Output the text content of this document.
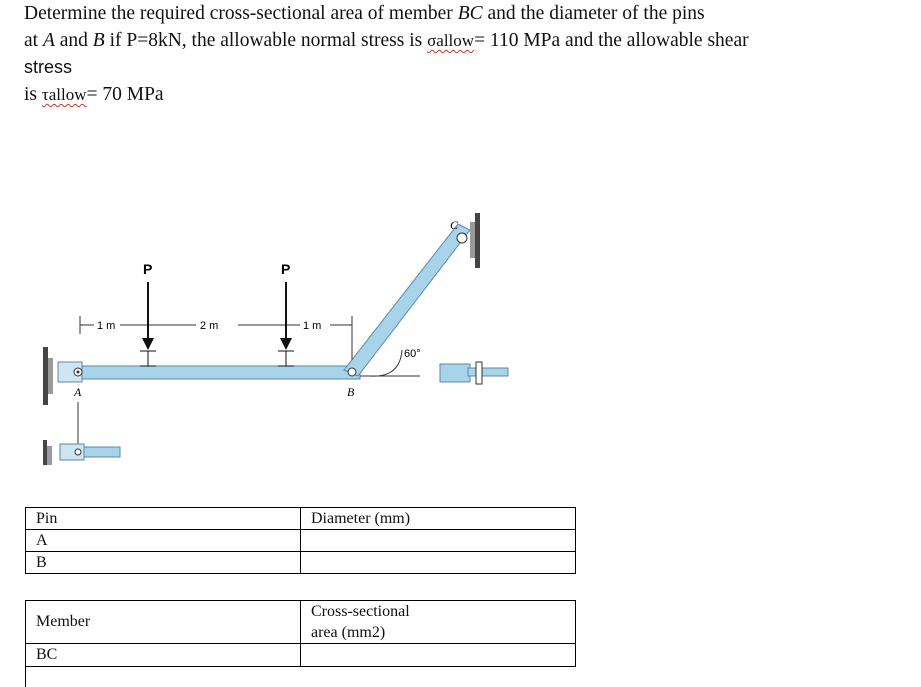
Determine the required cross-sectional area of member BC and the diameter of the pins
at A and B if P=8kN, the allowable normal stress is σallow= 110 MPa and the allowable shear
stress
is τallow= 70 MPa
P	P
1 m	2 m	1 m
60°
A	B
C
Pin	Diameter (mm)
A	
B	
Member	Cross-sectional
area (mm2)

BC	
